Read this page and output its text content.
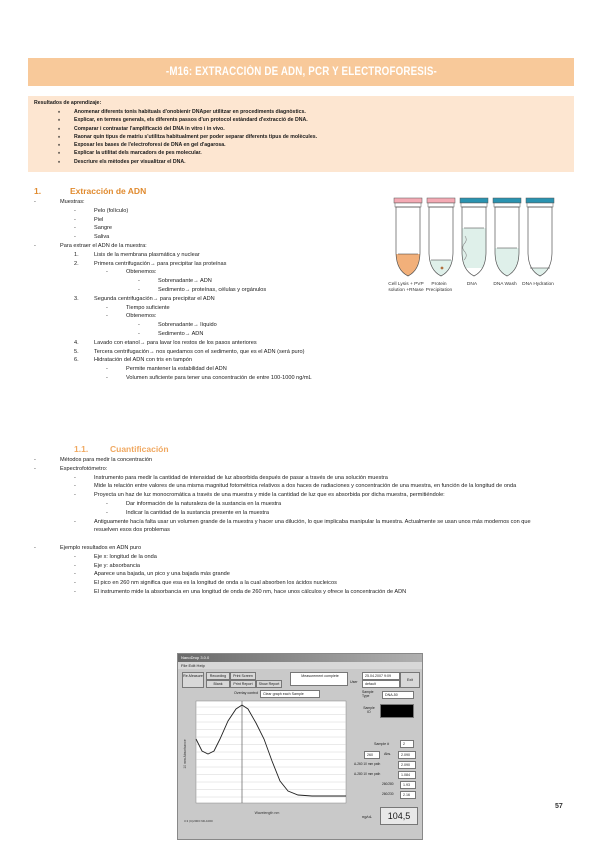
-M16: EXTRACCIÓN DE ADN, PCR Y ELECTROFORESIS-
Resultados de aprendizaje:
♦ Anomenar diferents tonis habituals d'onobienir DNAper utilitzar en procediments diagnòstics.
♦ Explicar, en termes generals, els diferents passos d'un protocol estàndard d'extracció de DNA.
♦ Comparar i contrastar l'amplificació del DNA in vitro i in vivo.
♦ Raonar quin tipus de matriu s'utilitza habitualment per poder separar diferents tipus de molècules.
♦ Exposar les bases de l'electroforesi de DNA en gel d'agarosa.
♦ Explicar la utilitat dels marcadors de pes molecular.
♦ Descriure els mètodes per visualitzar el DNA.
1.	Extracción de ADN
-	Muestras:
-	Pelo (folículo)
-	Piel
-	Sangre
-	Saliva
-	Para extraer el ADN de la muestra:
1.	Lisis de la membrana plasmática y nuclear
2.	Primera centrifugación→ para precipitar las proteínas
-	Obtenemos:
-	Sobrenadante→ ADN
-	Sedimento→ proteínas, células y orgánulos
3.	Segunda centrifugación→ para precipitar el ADN
-	Tiempo suficiente
-	Obtenemos:
-	Sobrenadante→ líquido
-	Sedimento→ ADN
4.	Lavado con etanol→ para lavar los restos de los pasos anteriores
5.	Tercera centrifugación→ nos quedamos con el sedimento, que es el ADN (será puro)
6.	Hidratación del ADN con tris en tampón
-	Permite mantener la estabilidad del ADN
-	Volumen suficiente para tener una concentración de entre 100-1000 ng/mL
1.1.	Cuantificación
-	Métodos para medir la concentración
-	Espectrofotómetro:
-	Instrumento para medir la cantidad de intensidad de luz absorbida después de pasar a través de una solución muestra
-	Mide la relación entre valores de una misma magnitud fotométrica relativos a dos haces de radiaciones y concentración de una muestra, en función de la longitud de onda
-	Proyecta un haz de luz monocromática a través de una muestra y mide la cantidad de luz que es absorbida por dicha muestra, permitiéndole:
-	Dar información de la naturaleza de la sustancia en la muestra
-	Indicar la cantidad de la sustancia presente en la muestra
-	Antiguamente hacía falta usar un volumen grande de la muestra y hacer una dilución, lo que implicaba manipular la muestra. Actualmente se usan unos más modernos con que resuelven esos dos problemas

-	Ejemplo resultados en ADN puro
-	Eje x: longitud de la onda
-	Eje y: absorbancia
-	Aparece una bajada, un pico y una bajada más grande
-	El pico en 260 nm significa que esa es la longitud de onda a la cual absorben los ácidos nucleicos
-	El instrumento mide la absorbancia en una longitud de onda de 260 nm, hace unos cálculos y ofrece la concentración de ADN
NanoDrop 3.0.0
File Edit Help
Re-Measure	Recording	Print Screen
Blank	Print Report	Show Report
Measurement complete	25.04.2007 9:09
User	default
Exit
Overlay control	Clear graph each Sample	Sample Type	DNA-50
Wavelength nm
10 mm Absorbance
3.3 (C)2003 ND-1000
Sample ID
Sample #	2
260	Abs.	2.090
A-260 10 mm path	2.090
A-280 10 mm path	1.084
260/280	1.93
260/230	2.16
ng/uL	104,5
57
Cell Lysis + PVP solution +RNase
Protein Precipitation
DNA	DNA Wash	DNA Hydration
